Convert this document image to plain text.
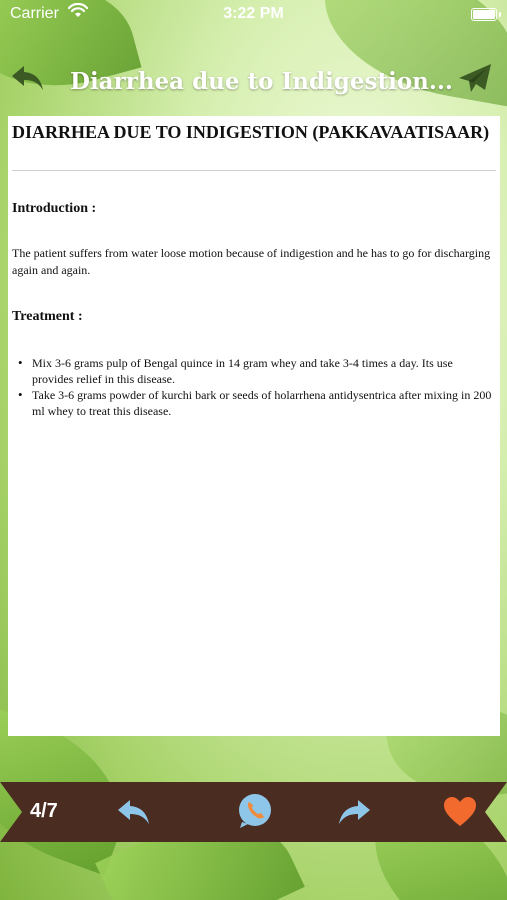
Carrier	3:22 PM
Diarrhea due to Indigestion...
DIARRHEA DUE TO INDIGESTION (PAKKAVAATISAAR)
Introduction :

The patient suffers from water loose motion because of indigestion and he has to go for discharging again and again.

Treatment :
• Mix 3-6 grams pulp of Bengal quince in 14 gram whey and take 3-4 times a day. Its use provides relief in this disease.
• Take 3-6 grams powder of kurchi bark or seeds of holarrhena antidysentrica after mixing in 200 ml whey to treat this disease.
4/7
